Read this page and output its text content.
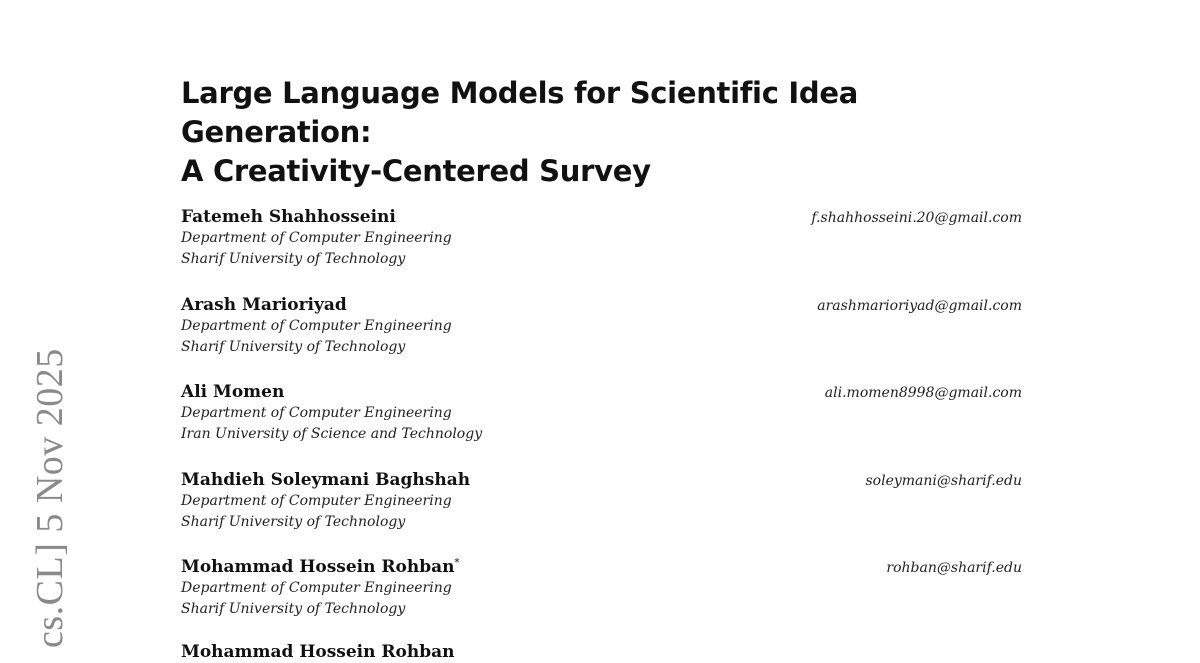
cs.CL] 5 Nov 2025
Large Language Models for Scientific Idea Generation:
A Creativity-Centered Survey
Fatemeh Shahhosseini
Department of Computer Engineering
Sharif University of Technology
f.shahhosseini.20@gmail.com
Arash Marioriyad
Department of Computer Engineering
Sharif University of Technology
arashmarioriyad@gmail.com
Ali Momen
Department of Computer Engineering
Iran University of Science and Technology
ali.momen8998@gmail.com
Mahdieh Soleymani Baghshah
Department of Computer Engineering
Sharif University of Technology
soleymani@sharif.edu
Mohammad Hossein Rohban*
Department of Computer Engineering
Sharif University of Technology
rohban@sharif.edu
Mohammad Hossein Rohban
